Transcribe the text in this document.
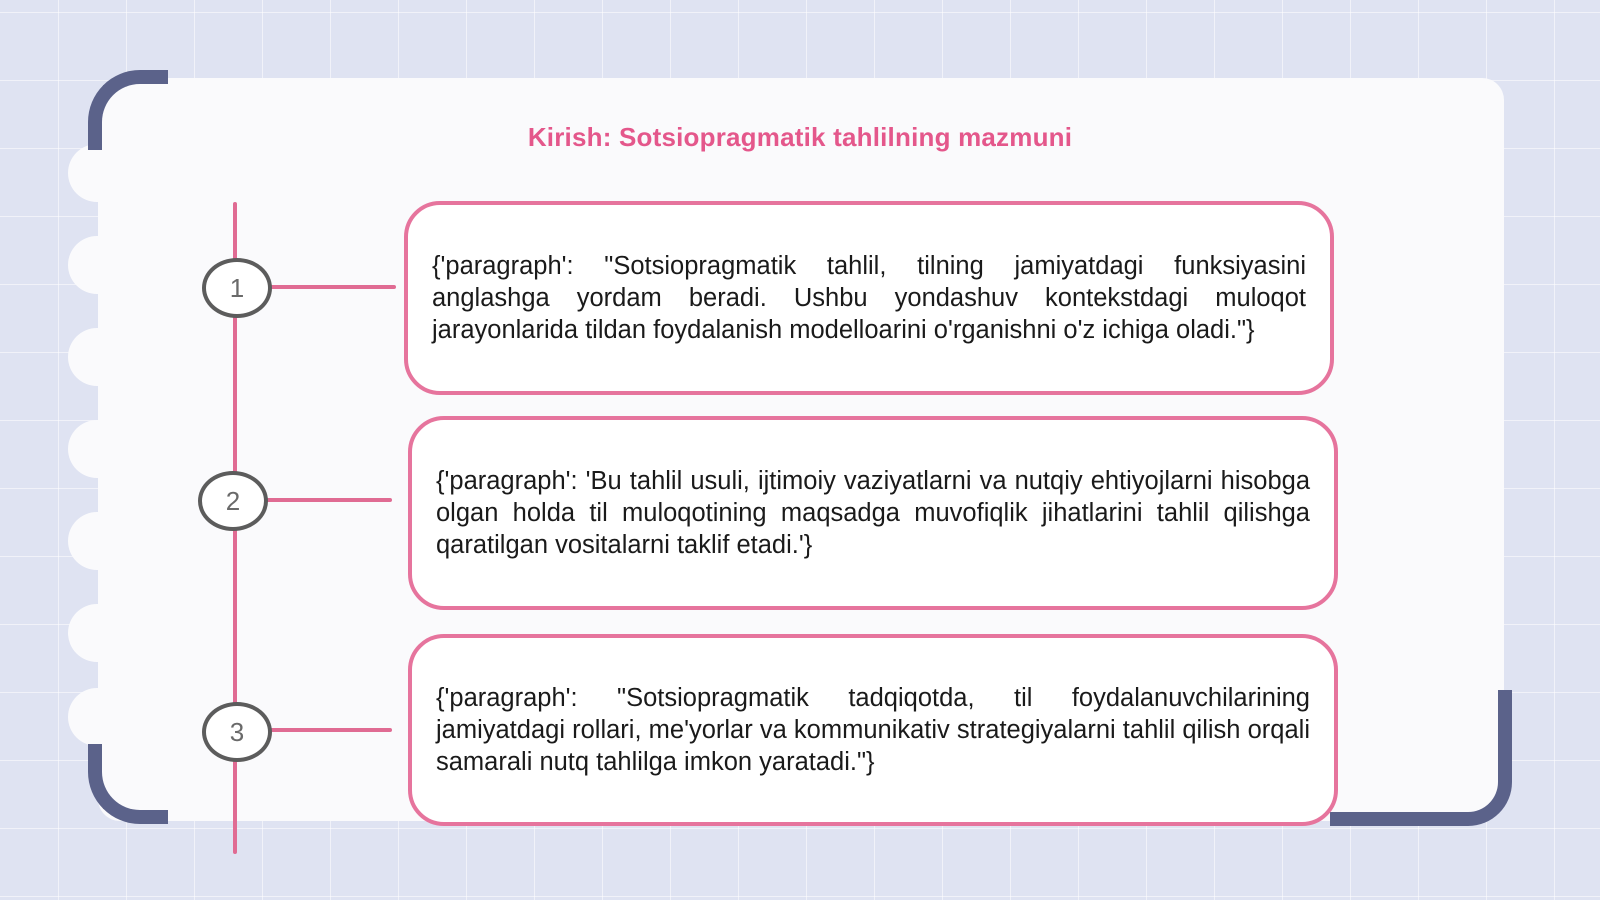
Kirish: Sotsiopragmatik tahlilning mazmuni
1

{'paragraph': "Sotsiopragmatik tahlil, tilning jamiyatdagi funksiyasini anglashga yordam beradi. Ushbu yondashuv kontekstdagi muloqot jarayonlarida tildan foydalanish modelloarini o'rganishni o'z ichiga oladi."}

2

{'paragraph': 'Bu tahlil usuli, ijtimoiy vaziyatlarni va nutqiy ehtiyojlarni hisobga olgan holda til muloqotining maqsadga muvofiqlik jihatlarini tahlil qilishga qaratilgan vositalarni taklif etadi.'}

3

{'paragraph': "Sotsiopragmatik tadqiqotda, til foydalanuvchilarining jamiyatdagi rollari, me'yorlar va kommunikativ strategiyalarni tahlil qilish orqali samarali nutq tahlilga imkon yaratadi."}
